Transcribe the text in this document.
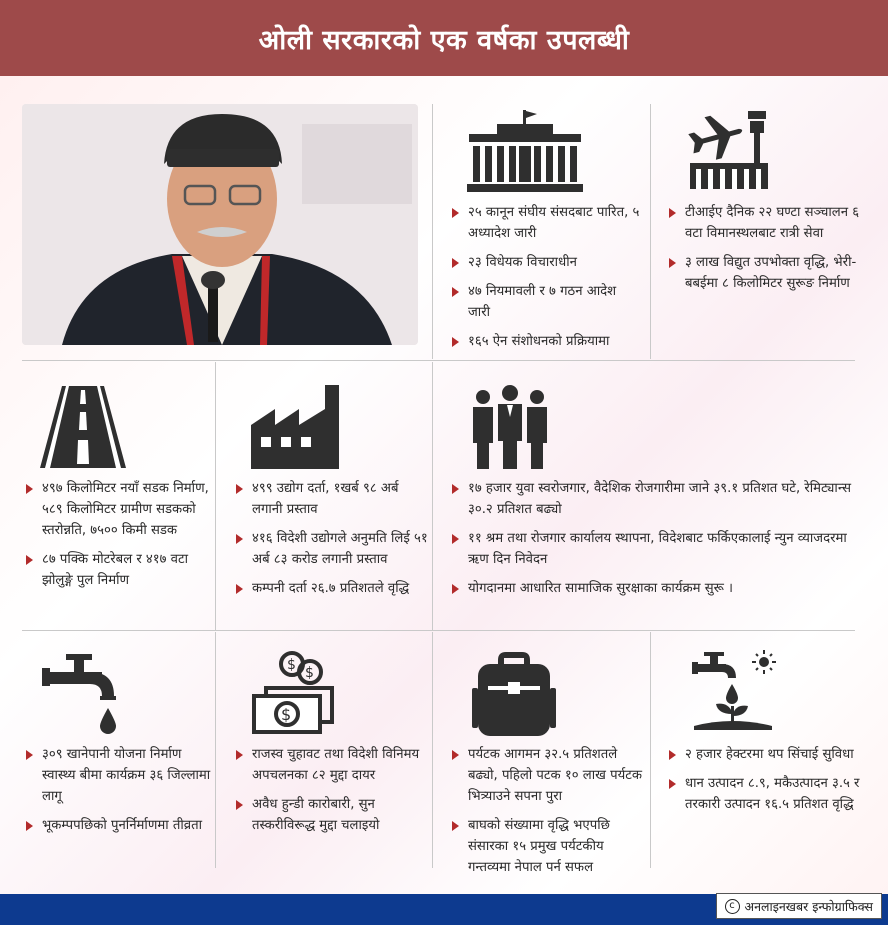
ओली सरकारको एक वर्षका उपलब्धी
२५ कानून संघीय संसदबाट पारित, ५ अध्यादेश जारी
२३ विधेयक विचाराधीन
४७ नियमावली र ७ गठन आदेश जारी
१६५ ऐन संशोधनको प्रक्रियामा
टीआईए दैनिक २२ घण्टा सञ्चालन ६ वटा विमानस्थलबाट रात्री सेवा
३ लाख विद्युत उपभोक्ता वृद्धि, भेरी-बबईमा ८ किलोमिटर सुरूङ निर्माण
४९७ किलोमिटर नयाँ सडक निर्माण, ५८९ किलोमिटर ग्रामीण सडकको स्तरोन्नति, ७५०० किमी सडक
८७ पक्कि मोटरेबल र ४१७ वटा झोलुङ्गे पुल निर्माण
४९९ उद्योग दर्ता, १खर्ब ९८ अर्ब लगानी प्रस्ताव
४१६ विदेशी उद्योगले अनुमति लिई ५१ अर्ब ८३ करोड लगानी प्रस्ताव
कम्पनी दर्ता २६.७ प्रतिशतले वृद्धि
१७ हजार युवा स्वरोजगार, वैदेशिक रोजगारीमा जाने ३९.१ प्रतिशत घटे, रेमिट्यान्स ३०.२ प्रतिशत बढ्यो
११ श्रम तथा रोजगार कार्यालय स्थापना, विदेशबाट फर्किएकालाई न्युन व्याजदरमा ऋण दिन निवेदन
योगदानमा आधारित सामाजिक सुरक्षाका कार्यक्रम सुरू ।
३०९ खानेपानी योजना निर्माण स्वास्थ्य बीमा कार्यक्रम ३६ जिल्लामा लागू
भूकम्पपछिको पुनर्निर्माणमा तीव्रता
$ $
$
राजस्व चुहावट तथा विदेशी विनिमय अपचलनका ८२ मुद्दा दायर
अवैध हुन्डी कारोबारी, सुन तस्करीविरूद्ध मुद्दा चलाइयो
पर्यटक आगमन ३२.५ प्रतिशतले बढ्यो, पहिलो पटक १० लाख पर्यटक भित्र्याउने सपना पुरा
बाघको संख्यामा वृद्धि भएपछि संसारका १५ प्रमुख पर्यटकीय गन्तव्यमा नेपाल पर्न सफल
२ हजार हेक्टरमा थप सिंचाई सुविधा
धान उत्पादन ८.९, मकैउत्पादन ३.५ र तरकारी उत्पादन १६.५ प्रतिशत वृद्धि
c अनलाइनखबर इन्फोग्राफिक्स
